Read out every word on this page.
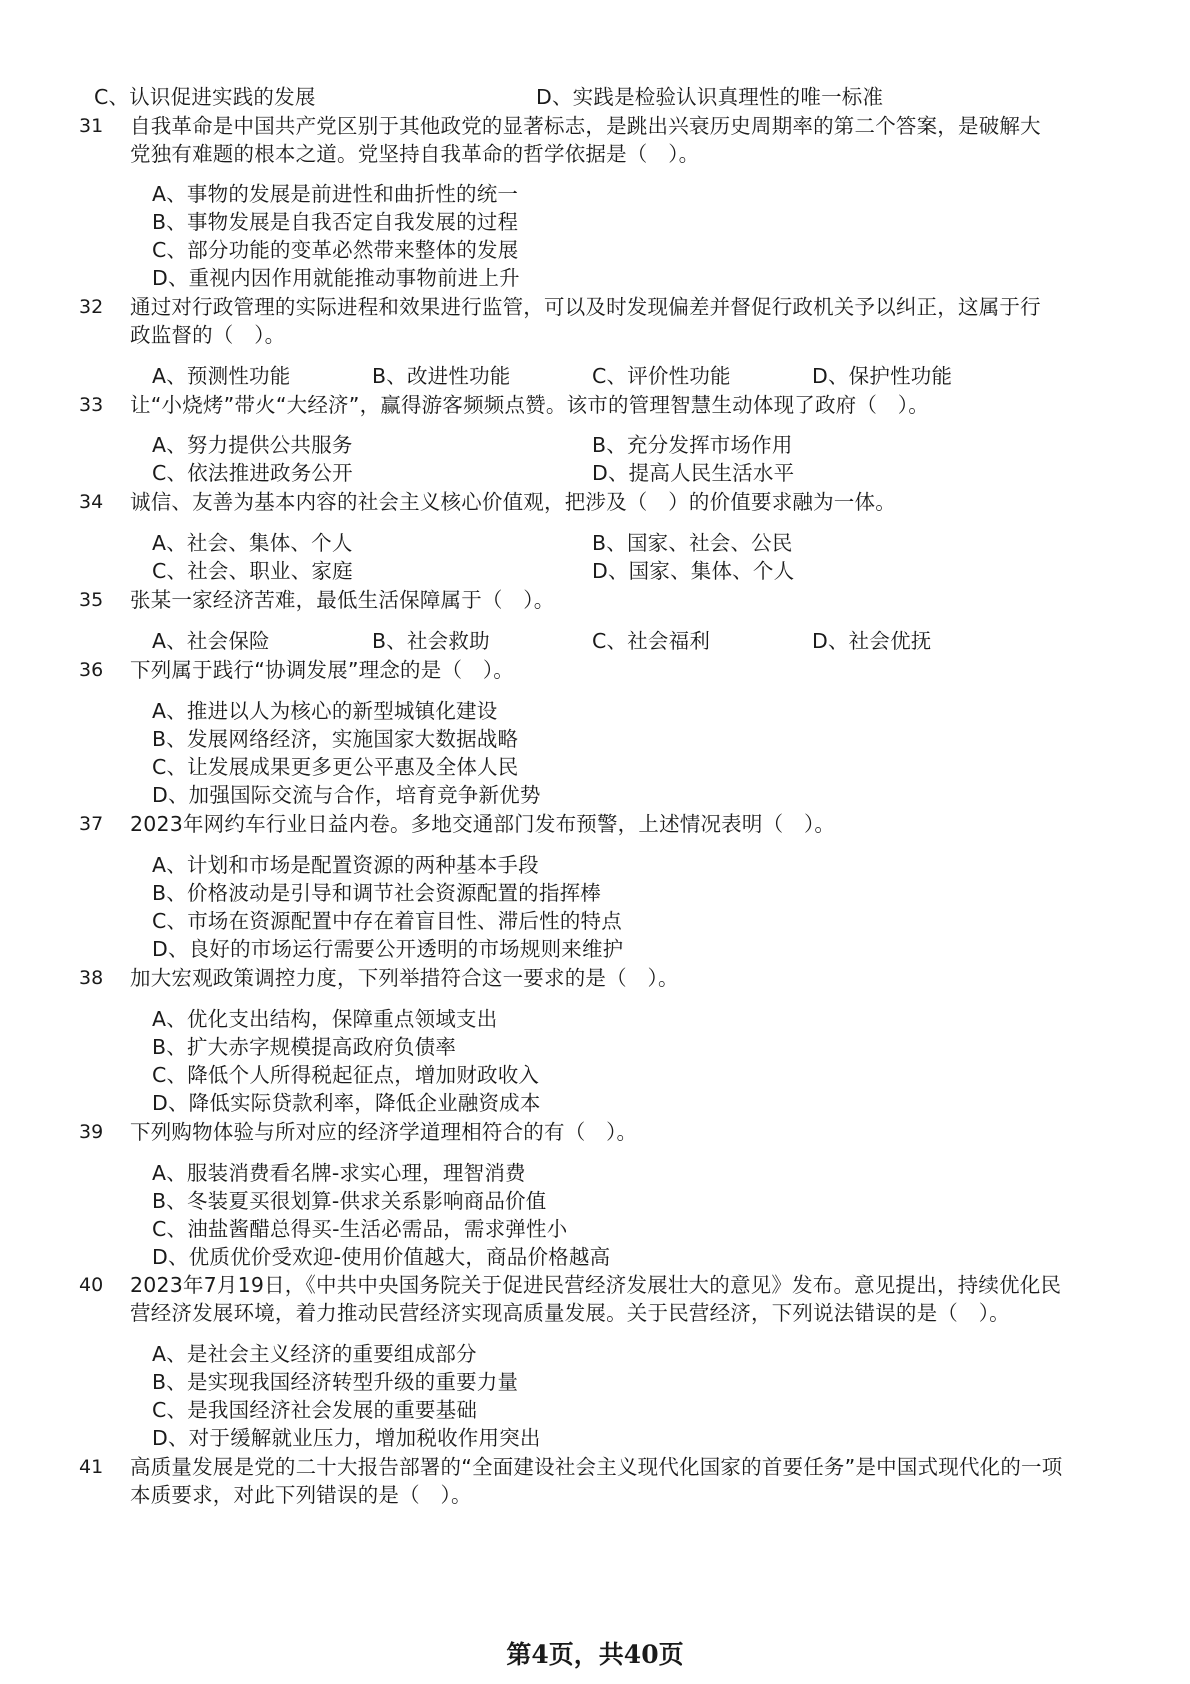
C、认识促进实践的发展	D、实践是检验认识真理性的唯一标准
31 自我革命是中国共产党区别于其他政党的显著标志，是跳出兴衰历史周期率的第二个答案，是破解大
党独有难题的根本之道。党坚持自我革命的哲学依据是（　）。
A、事物的发展是前进性和曲折性的统一
B、事物发展是自我否定自我发展的过程
C、部分功能的变革必然带来整体的发展
D、重视内因作用就能推动事物前进上升
32 通过对行政管理的实际进程和效果进行监管，可以及时发现偏差并督促行政机关予以纠正，这属于行
政监督的（　）。
A、预测性功能	B、改进性功能	C、评价性功能	D、保护性功能
33 让“小烧烤”带火“大经济”，赢得游客频频点赞。该市的管理智慧生动体现了政府（　）。
A、努力提供公共服务	B、充分发挥市场作用
C、依法推进政务公开	D、提高人民生活水平
34 诚信、友善为基本内容的社会主义核心价值观，把涉及（　）的价值要求融为一体。
A、社会、集体、个人	B、国家、社会、公民
C、社会、职业、家庭	D、国家、集体、个人
35 张某一家经济苦难，最低生活保障属于（　）。
A、社会保险	B、社会救助	C、社会福利	D、社会优抚
36 下列属于践行“协调发展”理念的是（　）。
A、推进以人为核心的新型城镇化建设
B、发展网络经济，实施国家大数据战略
C、让发展成果更多更公平惠及全体人民
D、加强国际交流与合作，培育竞争新优势
37 2023年网约车行业日益内卷。多地交通部门发布预警，上述情况表明（　）。
A、计划和市场是配置资源的两种基本手段
B、价格波动是引导和调节社会资源配置的指挥棒
C、市场在资源配置中存在着盲目性、滞后性的特点
D、良好的市场运行需要公开透明的市场规则来维护
38 加大宏观政策调控力度，下列举措符合这一要求的是（　）。
A、优化支出结构，保障重点领域支出
B、扩大赤字规模提高政府负债率
C、降低个人所得税起征点，增加财政收入
D、降低实际贷款利率，降低企业融资成本
39 下列购物体验与所对应的经济学道理相符合的有（　）。
A、服装消费看名牌-求实心理，理智消费
B、冬装夏买很划算-供求关系影响商品价值
C、油盐酱醋总得买-生活必需品，需求弹性小
D、优质优价受欢迎-使用价值越大，商品价格越高
40 2023年7月19日，《中共中央国务院关于促进民营经济发展壮大的意见》发布。意见提出，持续优化民
营经济发展环境，着力推动民营经济实现高质量发展。关于民营经济，下列说法错误的是（　）。
A、是社会主义经济的重要组成部分
B、是实现我国经济转型升级的重要力量
C、是我国经济社会发展的重要基础
D、对于缓解就业压力，增加税收作用突出
41 高质量发展是党的二十大报告部署的“全面建设社会主义现代化国家的首要任务”是中国式现代化的一项
本质要求，对此下列错误的是（　）。
第4页，共40页
